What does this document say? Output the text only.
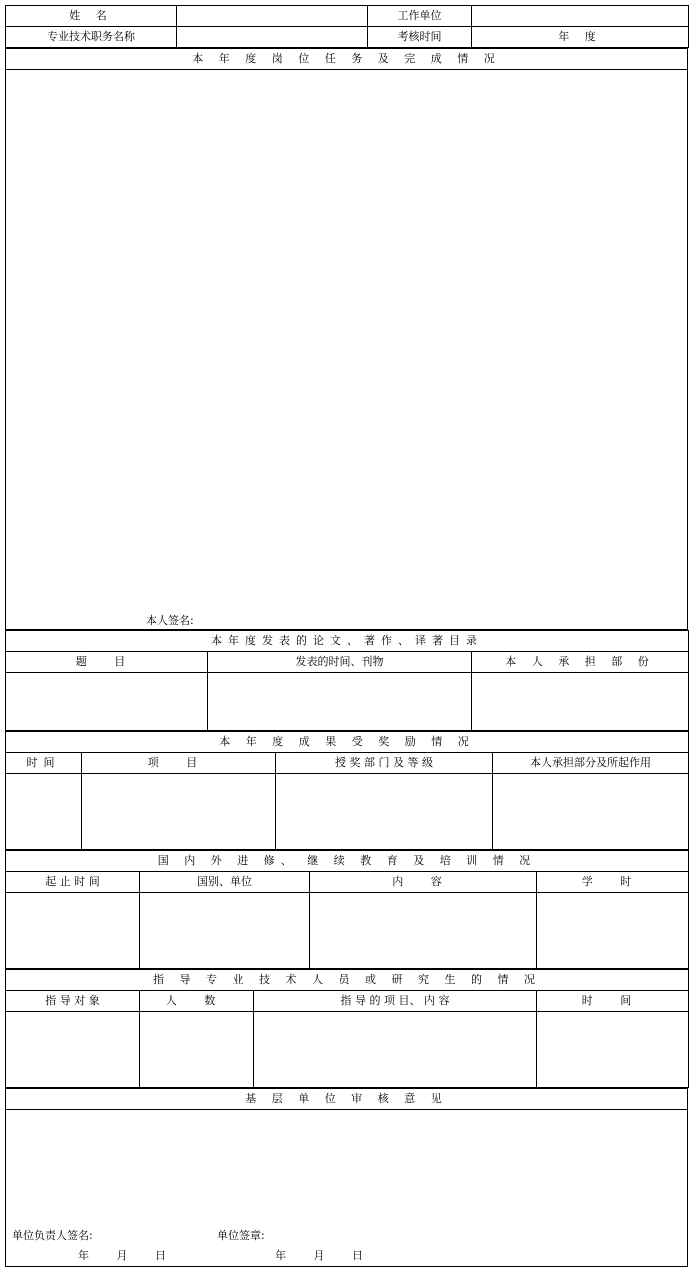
姓 名		工作单位	
专业技术职务名称		考核时间	年 度
本 年 度 岗 位 任 务 及 完 成 情 况

本人签名:
本年度发表的论文、著作、译著目录		
题 目	发表的时间、刊物	本 人 承 担 部 份

本 年 度 成 果 受 奖 励 情 况			
时间	项 目	授 奖 部 门 及 等 级	本人承担部分及所起作用

国 内 外 进 修、 继 续 教 育 及 培 训 情 况			
起 止 时 间	国别、单位	内 容	学 时

指 导 专 业 技 术 人 员 或 研 究 生 的 情 况			
指 导 对 象	人 数	指 导 的 项 目、 内 容	时 间

基 层 单 位 审 核 意 见

单位负责人签名:	单位签章:
年 月 日	年 月 日
